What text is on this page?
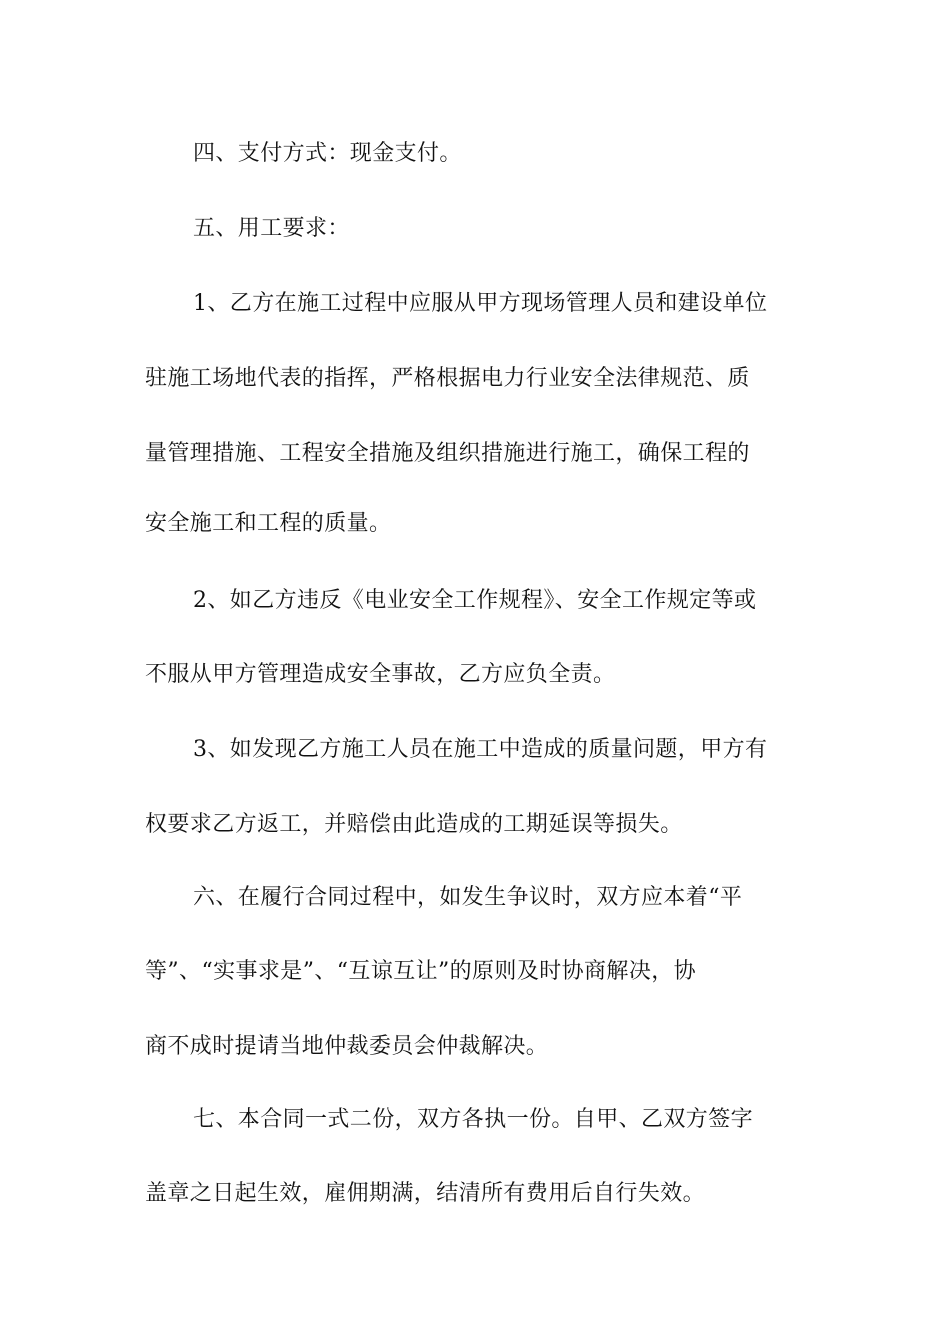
四、支付方式：现金支付。
五、用工要求：
1、乙方在施工过程中应服从甲方现场管理人员和建设单位
驻施工场地代表的指挥，严格根据电力行业安全法律规范、质
量管理措施、工程安全措施及组织措施进行施工，确保工程的
安全施工和工程的质量。
2、如乙方违反《电业安全工作规程》、安全工作规定等或
不服从甲方管理造成安全事故，乙方应负全责。
3、如发现乙方施工人员在施工中造成的质量问题，甲方有
权要求乙方返工，并赔偿由此造成的工期延误等损失。
六、在履行合同过程中，如发生争议时，双方应本着“平
等”、“实事求是”、“互谅互让”的原则及时协商解决，协
商不成时提请当地仲裁委员会仲裁解决。
七、本合同一式二份，双方各执一份。自甲、乙双方签字
盖章之日起生效，雇佣期满，结清所有费用后自行失效。
